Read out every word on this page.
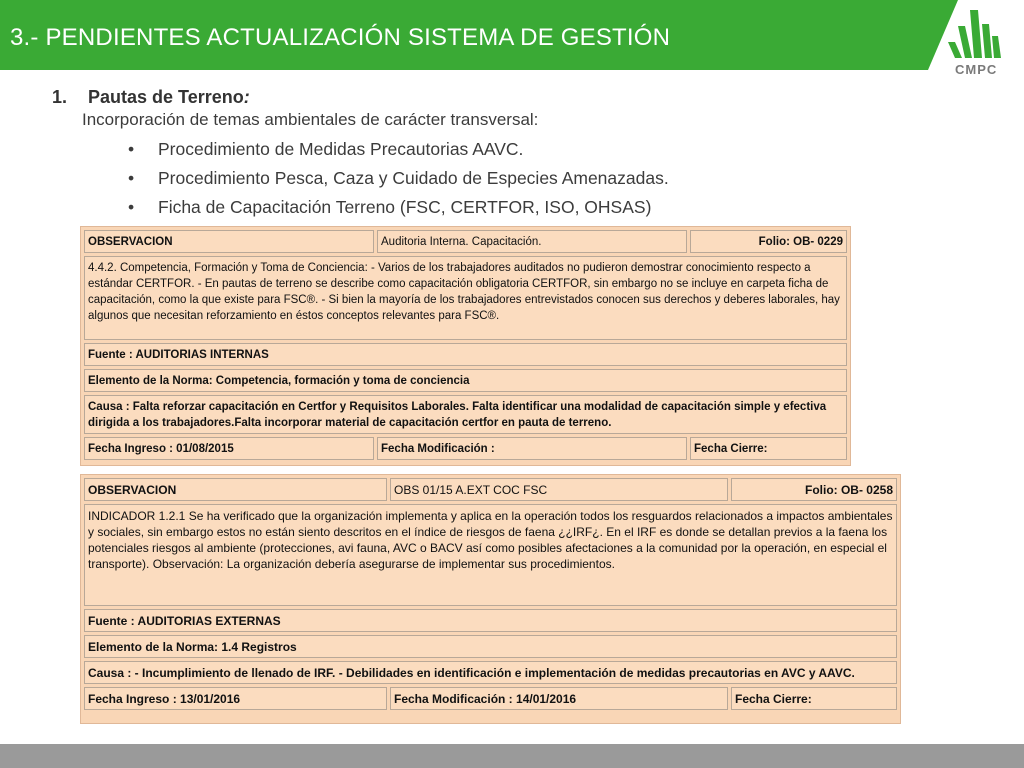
3.- PENDIENTES ACTUALIZACIÓN SISTEMA DE GESTIÓN
CMPC
1. Pautas de Terreno:
Incorporación de temas ambientales de carácter transversal:
• Procedimiento de Medidas Precautorias AAVC.
• Procedimiento Pesca, Caza y Cuidado de Especies Amenazadas.
• Ficha de Capacitación Terreno (FSC, CERTFOR, ISO, OHSAS)
OBSERVACION	Auditoria Interna. Capacitación.	Folio: OB- 0229
4.4.2. Competencia, Formación y Toma de Conciencia: - Varios de los trabajadores auditados no pudieron demostrar conocimiento respecto a estándar CERTFOR. - En pautas de terreno se describe como capacitación obligatoria CERTFOR, sin embargo no se incluye en carpeta ficha de capacitación, como la que existe para FSC®. - Si bien la mayoría de los trabajadores entrevistados conocen sus derechos y deberes laborales, hay algunos que necesitan reforzamiento en éstos conceptos relevantes para FSC®.		
Fuente : AUDITORIAS INTERNAS		
Elemento de la Norma: Competencia, formación y toma de conciencia		
Causa : Falta reforzar capacitación en Certfor y Requisitos Laborales. Falta identificar una modalidad de capacitación simple y efectiva dirigida a los trabajadores.Falta incorporar material de capacitación certfor en pauta de terreno.		
Fecha Ingreso : 01/08/2015	Fecha Modificación :	Fecha Cierre:
OBSERVACION	OBS 01/15 A.EXT COC FSC	Folio: OB- 0258
INDICADOR 1.2.1 Se ha verificado que la organización implementa y aplica en la operación todos los resguardos relacionados a impactos ambientales y sociales, sin embargo estos no están siento descritos en el índice de riesgos de faena ¿¿IRF¿. En el IRF es donde se detallan previos a la faena los potenciales riesgos al ambiente (protecciones, avi fauna, AVC o BACV así como posibles afectaciones a la comunidad por la operación, en especial el transporte). Observación: La organización debería asegurarse de implementar sus procedimientos.		
Fuente : AUDITORIAS EXTERNAS		
Elemento de la Norma: 1.4 Registros		
Causa : - Incumplimiento de llenado de IRF. - Debilidades en identificación e implementación de medidas precautorias en AVC y AAVC.		
Fecha Ingreso : 13/01/2016	Fecha Modificación : 14/01/2016	Fecha Cierre:
